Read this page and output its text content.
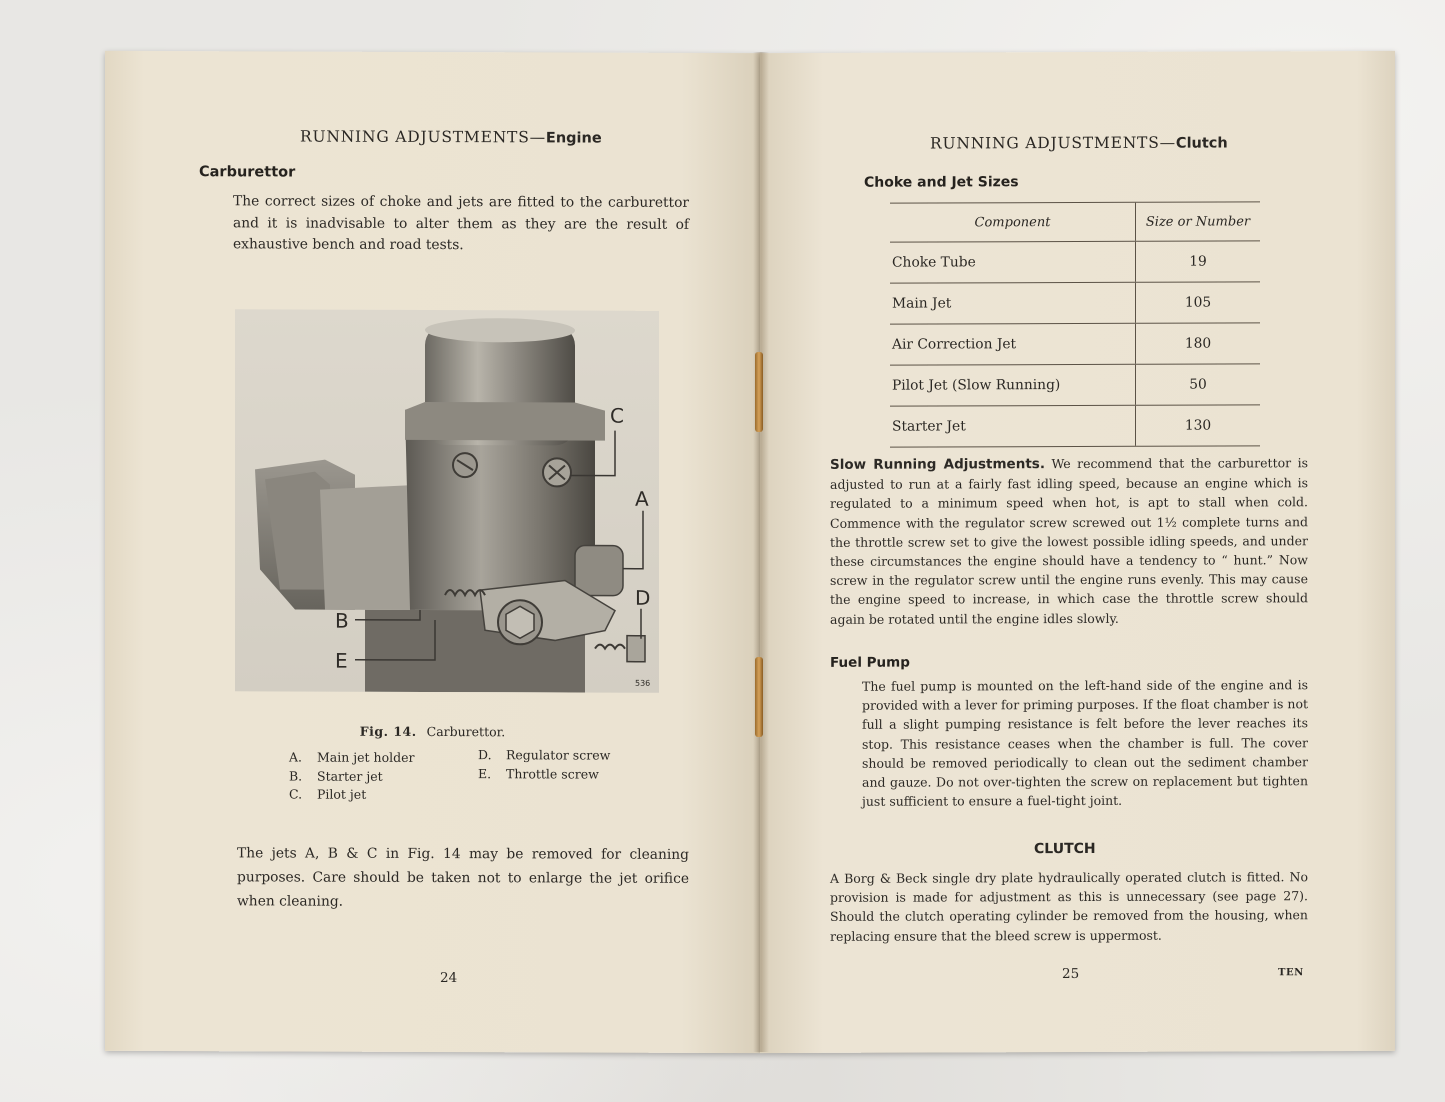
RUNNING ADJUSTMENTS—Engine
Carburettor
The correct sizes of choke and jets are fitted to the carburettor and it is inadvisable to alter them as they are the result of exhaustive bench and road tests.
C
A
D
B
E
536
Fig. 14. Carburettor.
A. Main jet holder
B. Starter jet
C. Pilot jet
D. Regulator screw
E. Throttle screw
The jets A, B & C in Fig. 14 may be removed for cleaning purposes. Care should be taken not to enlarge the jet orifice when cleaning.
24
RUNNING ADJUSTMENTS—Clutch
Choke and Jet Sizes
Component	Size or Number
Choke Tube	19
Main Jet	105
Air Correction Jet	180
Pilot Jet (Slow Running)	50
Starter Jet	130
Slow Running Adjustments. We recommend that the carburettor is adjusted to run at a fairly fast idling speed, because an engine which is regulated to a minimum speed when hot, is apt to stall when cold. Commence with the regulator screw screwed out 1½ complete turns and the throttle screw set to give the lowest possible idling speeds, and under these circumstances the engine should have a tendency to “ hunt.” Now screw in the regulator screw until the engine runs evenly. This may cause the engine speed to increase, in which case the throttle screw should again be rotated until the engine idles slowly.
Fuel Pump
The fuel pump is mounted on the left-hand side of the engine and is provided with a lever for priming purposes. If the float chamber is not full a slight pumping resistance is felt before the lever reaches its stop. This resistance ceases when the chamber is full. The cover should be removed periodically to clean out the sediment chamber and gauze. Do not over-tighten the screw on replacement but tighten just sufficient to ensure a fuel-tight joint.
CLUTCH
A Borg & Beck single dry plate hydraulically operated clutch is fitted. No provision is made for adjustment as this is unnecessary (see page 27). Should the clutch operating cylinder be removed from the housing, when replacing ensure that the bleed screw is uppermost.
25	TEN
